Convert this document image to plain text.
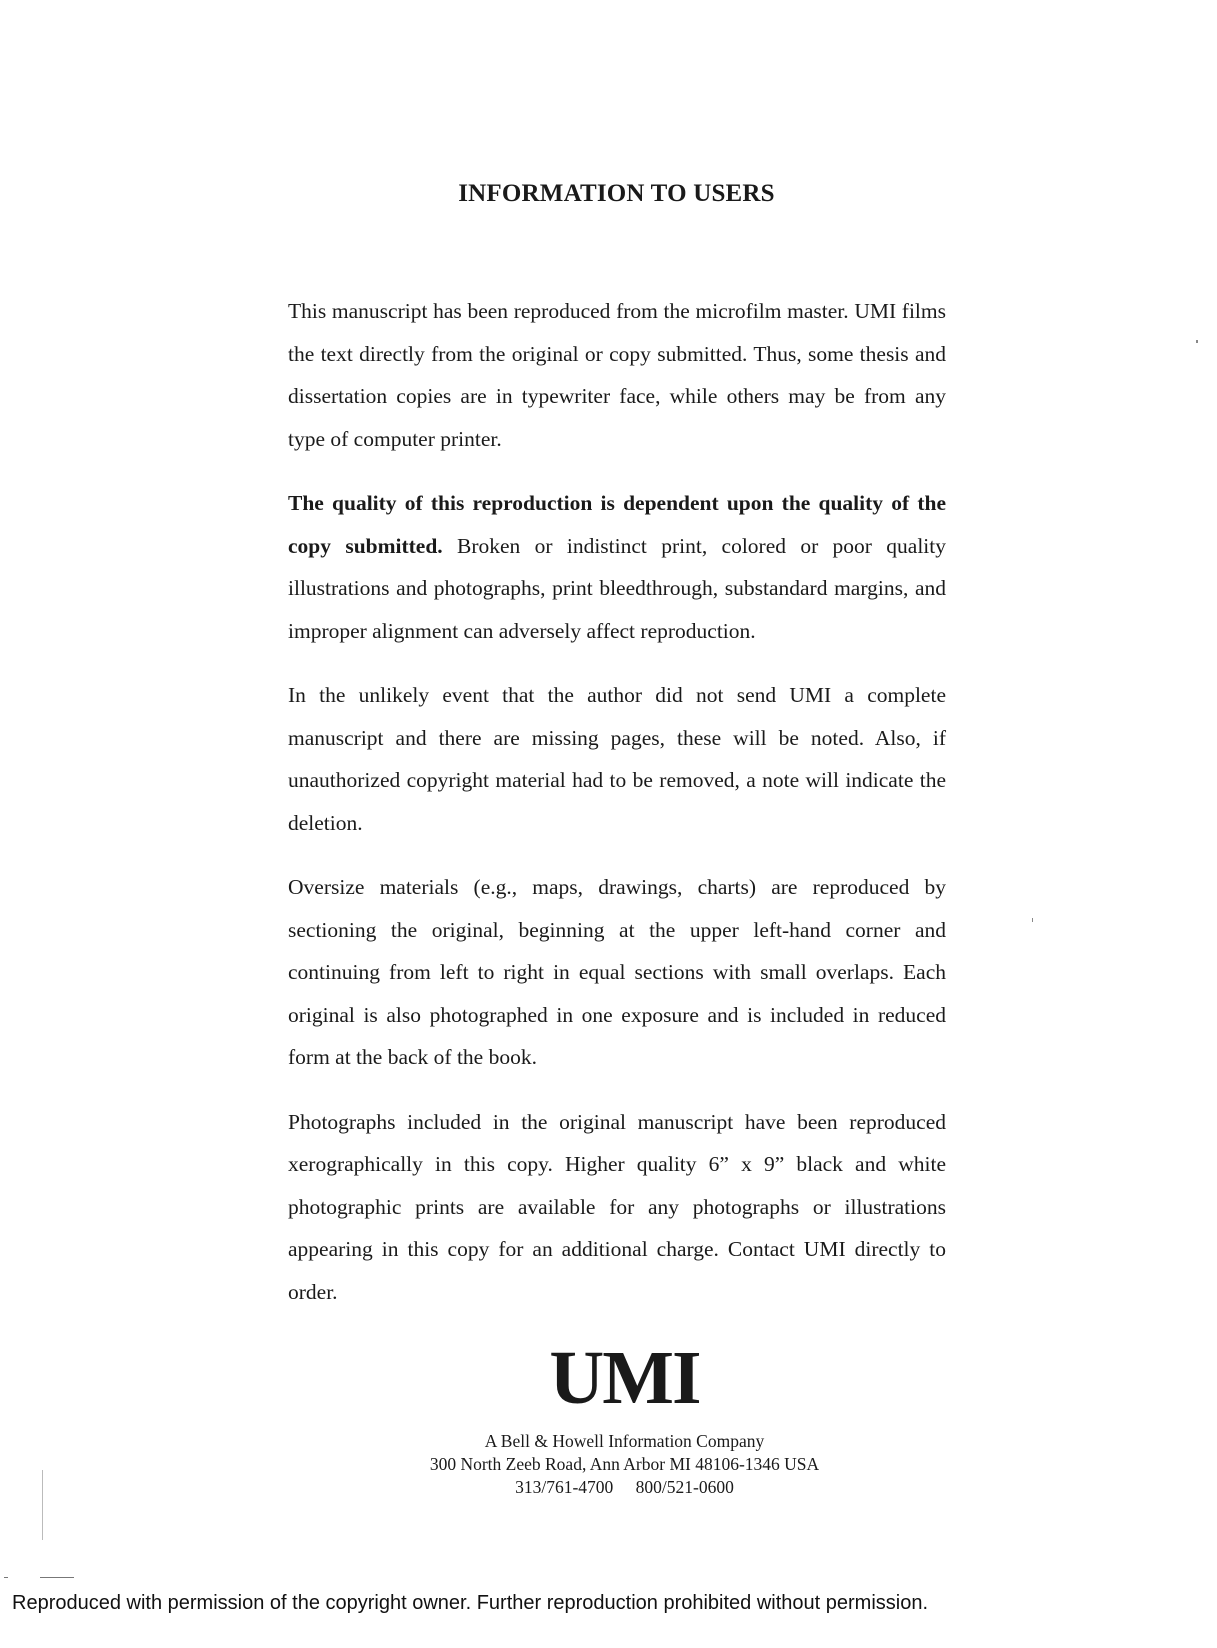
INFORMATION TO USERS

This manuscript has been reproduced from the microfilm master. UMI films the text directly from the original or copy submitted. Thus, some thesis and dissertation copies are in typewriter face, while others may be from any type of computer printer.

The quality of this reproduction is dependent upon the quality of the copy submitted. Broken or indistinct print, colored or poor quality illustrations and photographs, print bleedthrough, substandard margins, and improper alignment can adversely affect reproduction.

In the unlikely event that the author did not send UMI a complete manuscript and there are missing pages, these will be noted. Also, if unauthorized copyright material had to be removed, a note will indicate the deletion.

Oversize materials (e.g., maps, drawings, charts) are reproduced by sectioning the original, beginning at the upper left-hand corner and continuing from left to right in equal sections with small overlaps. Each original is also photographed in one exposure and is included in reduced form at the back of the book.

Photographs included in the original manuscript have been reproduced xerographically in this copy. Higher quality 6” x 9” black and white photographic prints are available for any photographs or illustrations appearing in this copy for an additional charge. Contact UMI directly to order.

UMI
A Bell & Howell Information Company
300 North Zeeb Road, Ann Arbor MI 48106-1346 USA
313/761-4700 800/521-0600
Reproduced with permission of the copyright owner. Further reproduction prohibited without permission.
